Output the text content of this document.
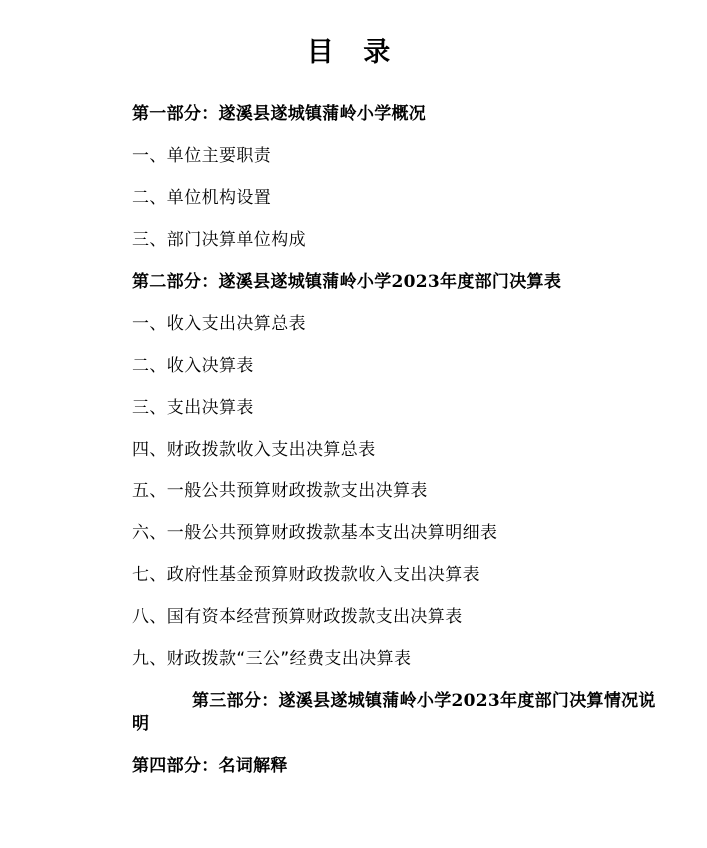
目 录
第一部分：遂溪县遂城镇蒲岭小学概况
一、单位主要职责
二、单位机构设置
三、部门决算单位构成
第二部分：遂溪县遂城镇蒲岭小学2023年度部门决算表
一、收入支出决算总表
二、收入决算表
三、支出决算表
四、财政拨款收入支出决算总表
五、一般公共预算财政拨款支出决算表
六、一般公共预算财政拨款基本支出决算明细表
七、政府性基金预算财政拨款收入支出决算表
八、国有资本经营预算财政拨款支出决算表
九、财政拨款“三公”经费支出决算表
第三部分：遂溪县遂城镇蒲岭小学2023年度部门决算情况说明
第四部分：名词解释
